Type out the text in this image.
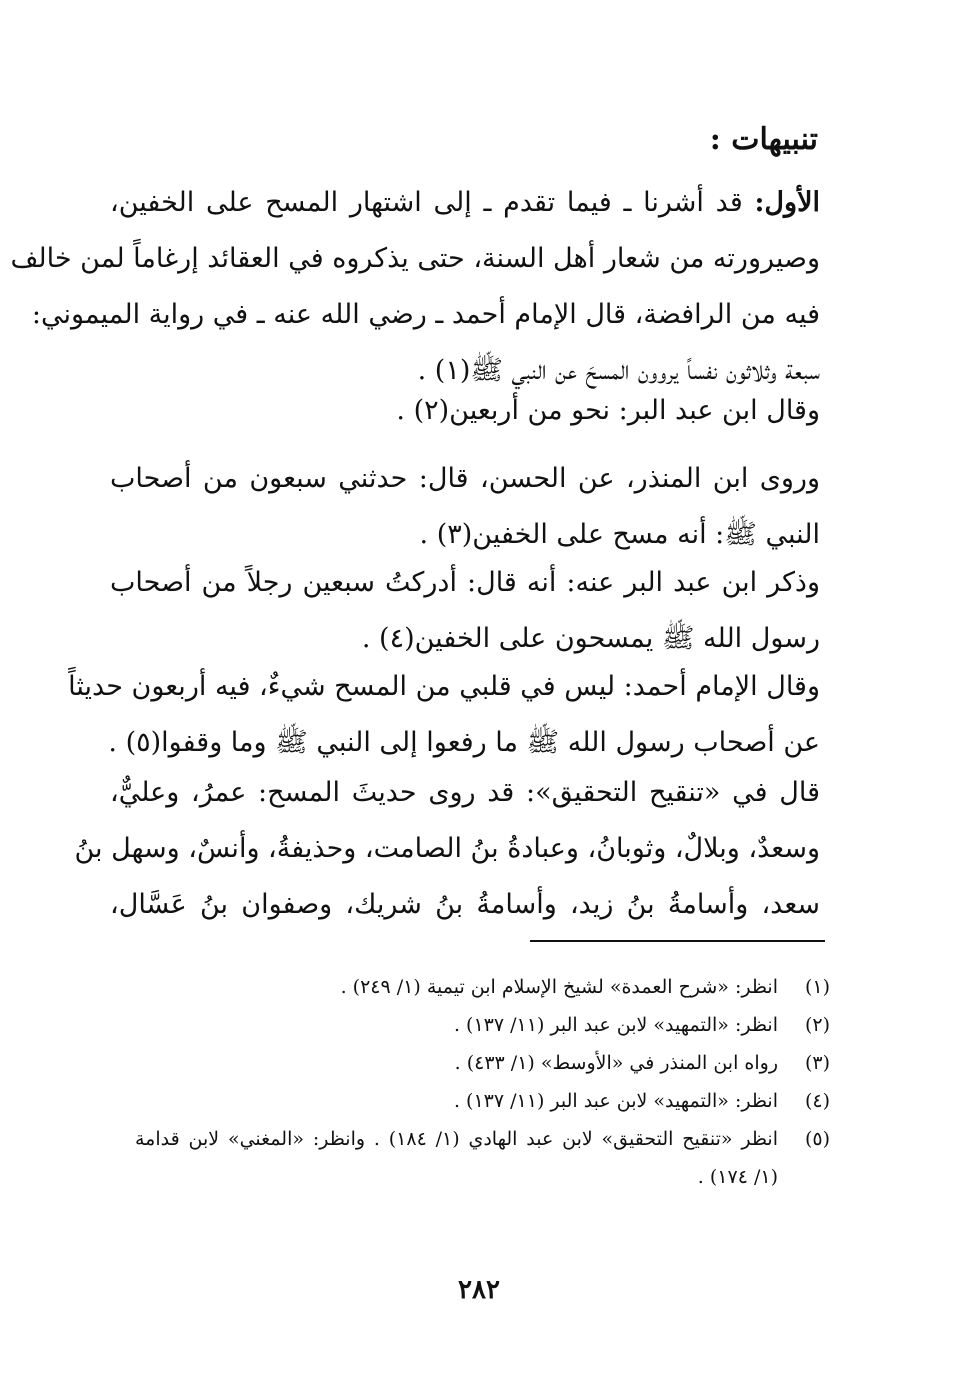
تنبيهات :
الأول: قد أشرنا ـ فيما تقدم ـ إلى اشتهار المسح على الخفين،
وصيرورته من شعار أهل السنة، حتى يذكروه في العقائد إرغاماً لمن خالف
فيه من الرافضة، قال الإمام أحمد ـ رضي الله عنه ـ في رواية الميموني:
سبعة وثلاثون نفساً يروون المسحَ عن النبي ﷺ(١) .
وقال ابن عبد البر: نحو من أربعين(٢) .
وروى ابن المنذر، عن الحسن، قال: حدثني سبعون من أصحاب
النبي ﷺ: أنه مسح على الخفين(٣) .
وذكر ابن عبد البر عنه: أنه قال: أدركتُ سبعين رجلاً من أصحاب
رسول الله ﷺ يمسحون على الخفين(٤) .
وقال الإمام أحمد: ليس في قلبي من المسح شيءٌ، فيه أربعون حديثاً
عن أصحاب رسول الله ﷺ ما رفعوا إلى النبي ﷺ وما وقفوا(٥) .
قال في «تنقيح التحقيق»: قد روى حديثَ المسح: عمرُ، وعليٌّ،
وسعدٌ، وبلالٌ، وثوبانُ، وعبادةُ بنُ الصامت، وحذيفةُ، وأنسٌ، وسهل بنُ
سعد، وأسامةُ بنُ زيد، وأسامةُ بنُ شريك، وصفوان بنُ عَسَّال،
(١)
انظر: «شرح العمدة» لشيخ الإسلام ابن تيمية (١/ ٢٤٩) .
(٢)
انظر: «التمهيد» لابن عبد البر (١١/ ١٣٧) .
(٣)
رواه ابن المنذر في «الأوسط» (١/ ٤٣٣) .
(٤)
انظر: «التمهيد» لابن عبد البر (١١/ ١٣٧) .
(٥)
انظر «تنقيح التحقيق» لابن عبد الهادي (١/ ١٨٤) . وانظر: «المغني» لابن قدامة
(١/ ١٧٤) .
٢٨٢
